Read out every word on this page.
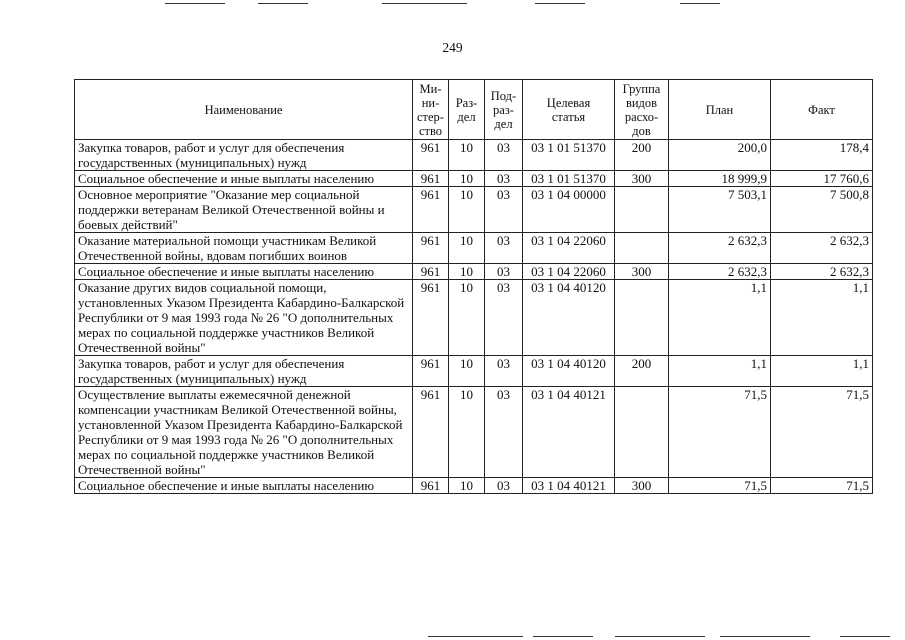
249
Наименование	Ми-
ни-
стер-
ство	Раз-
дел	Под-
раз-
дел	Целевая
статья	Группа
видов
расхо-
дов	План	Факт
Закупка товаров, работ и услуг для обеспечения государственных (муниципальных) нужд	961	10	03	03 1 01 51370	200	200,0	178,4
Социальное обеспечение и иные выплаты населению	961	10	03	03 1 01 51370	300	18 999,9	17 760,6
Основное мероприятие "Оказание мер социальной поддержки ветеранам Великой Отечественной войны и боевых действий"	961	10	03	03 1 04 00000		7 503,1	7 500,8
Оказание материальной помощи участникам Великой Отечественной войны, вдовам погибших воинов	961	10	03	03 1 04 22060		2 632,3	2 632,3
Социальное обеспечение и иные выплаты населению	961	10	03	03 1 04 22060	300	2 632,3	2 632,3
Оказание других видов социальной помощи, установленных Указом Президента Кабардино-Балкарской Республики от 9 мая 1993 года № 26 "О дополнительных мерах по социальной поддержке участников Великой Отечественной войны"	961	10	03	03 1 04 40120		1,1	1,1
Закупка товаров, работ и услуг для обеспечения государственных (муниципальных) нужд	961	10	03	03 1 04 40120	200	1,1	1,1
Осуществление выплаты ежемесячной денежной компенсации участникам Великой Отечественной войны, установленной Указом Президента Кабардино-Балкарской Республики от 9 мая 1993 года № 26 "О дополнительных мерах по социальной поддержке участников Великой Отечественной войны"	961	10	03	03 1 04 40121		71,5	71,5
Социальное обеспечение и иные выплаты населению	961	10	03	03 1 04 40121	300	71,5	71,5
